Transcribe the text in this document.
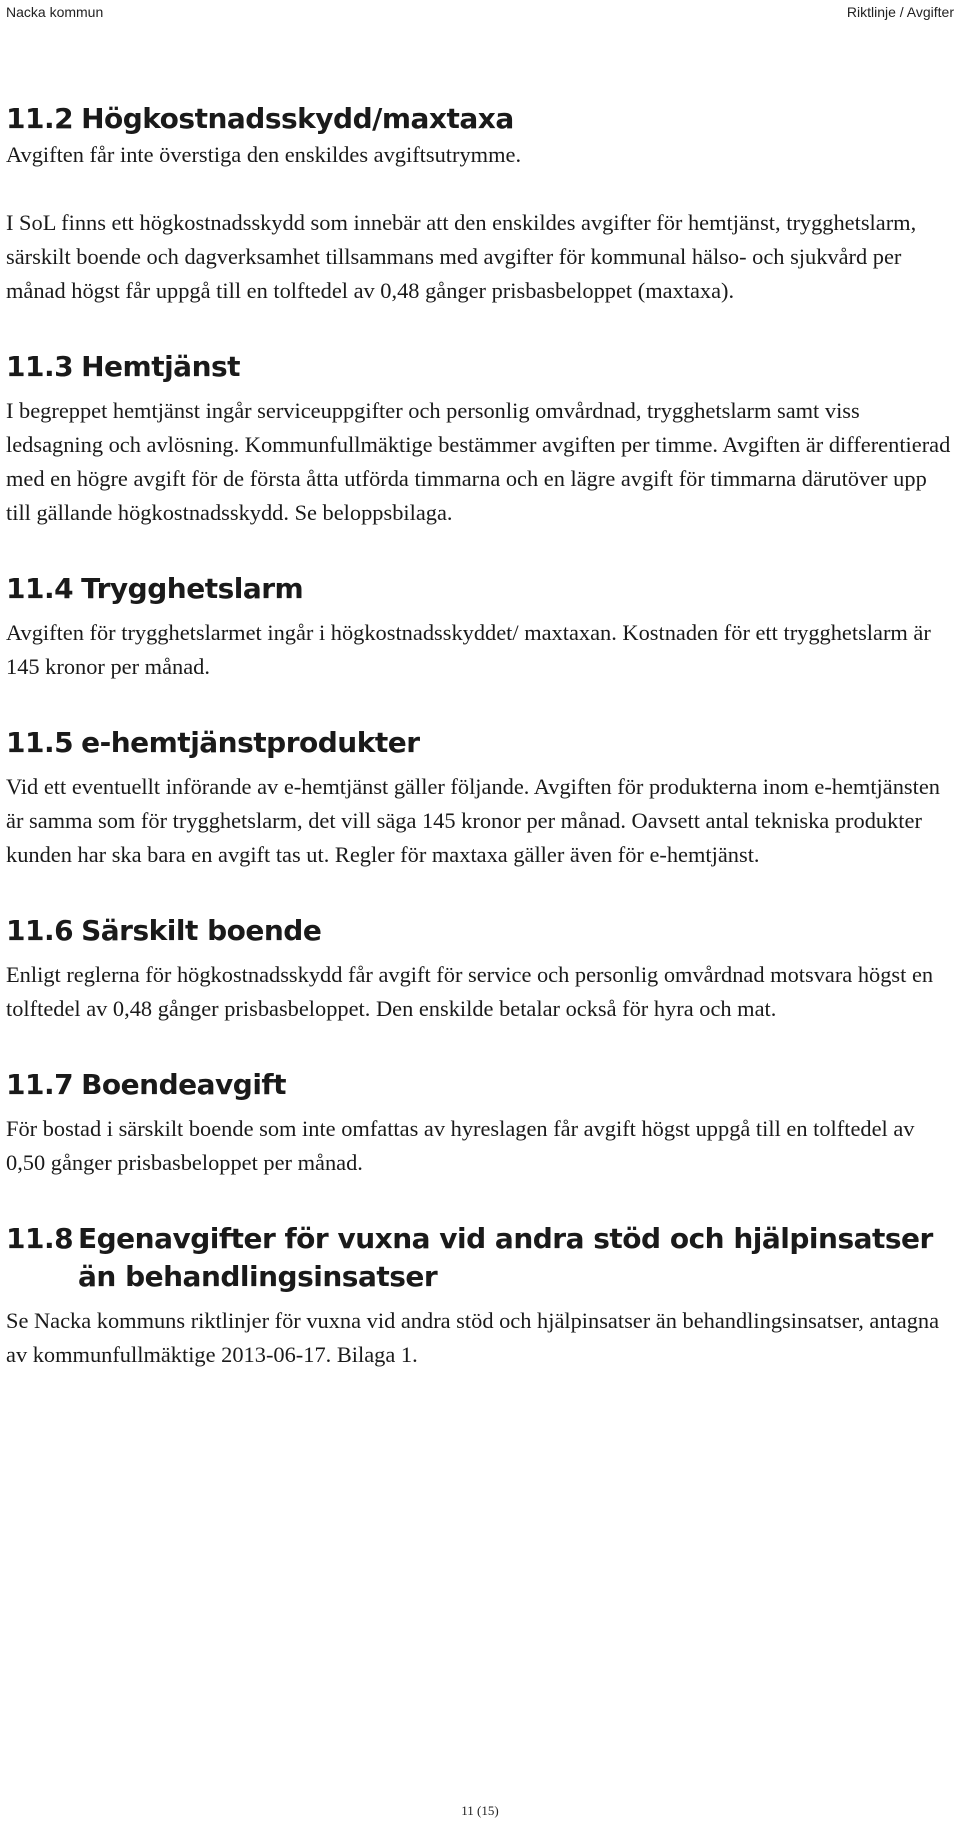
Nacka kommun	Riktlinje / Avgifter
11.2 Högkostnadsskydd/maxtaxa

Avgiften får inte överstiga den enskildes avgiftsutrymme.

I SoL finns ett högkostnadsskydd som innebär att den enskildes avgifter för hemtjänst, trygghetslarm, särskilt boende och dagverksamhet tillsammans med avgifter för kommunal hälso- och sjukvård per månad högst får uppgå till en tolftedel av 0,48 gånger prisbasbeloppet (maxtaxa).

11.3 Hemtjänst

I begreppet hemtjänst ingår serviceuppgifter och personlig omvårdnad, trygghetslarm samt viss ledsagning och avlösning. Kommunfullmäktige bestämmer avgiften per timme. Avgiften är differentierad med en högre avgift för de första åtta utförda timmarna och en lägre avgift för timmarna därutöver upp till gällande högkostnadsskydd. Se beloppsbilaga.

11.4 Trygghetslarm

Avgiften för trygghetslarmet ingår i högkostnadsskyddet/ maxtaxan. Kostnaden för ett trygghetslarm är 145 kronor per månad.

11.5 e-hemtjänstprodukter

Vid ett eventuellt införande av e-hemtjänst gäller följande. Avgiften för produkterna inom e-hemtjänsten är samma som för trygghetslarm, det vill säga 145 kronor per månad. Oavsett antal tekniska produkter kunden har ska bara en avgift tas ut. Regler för maxtaxa gäller även för e-hemtjänst.

11.6 Särskilt boende

Enligt reglerna för högkostnadsskydd får avgift för service och personlig omvårdnad motsvara högst en tolftedel av 0,48 gånger prisbasbeloppet. Den enskilde betalar också för hyra och mat.

11.7 Boendeavgift

För bostad i särskilt boende som inte omfattas av hyreslagen får avgift högst uppgå till en tolftedel av 0,50 gånger prisbasbeloppet per månad.

11.8 Egenavgifter för vuxna vid andra stöd och hjälpinsatser än behandlingsinsatser

Se Nacka kommuns riktlinjer för vuxna vid andra stöd och hjälpinsatser än behandlingsinsatser, antagna av kommunfullmäktige 2013-06-17. Bilaga 1.

11 (15)
